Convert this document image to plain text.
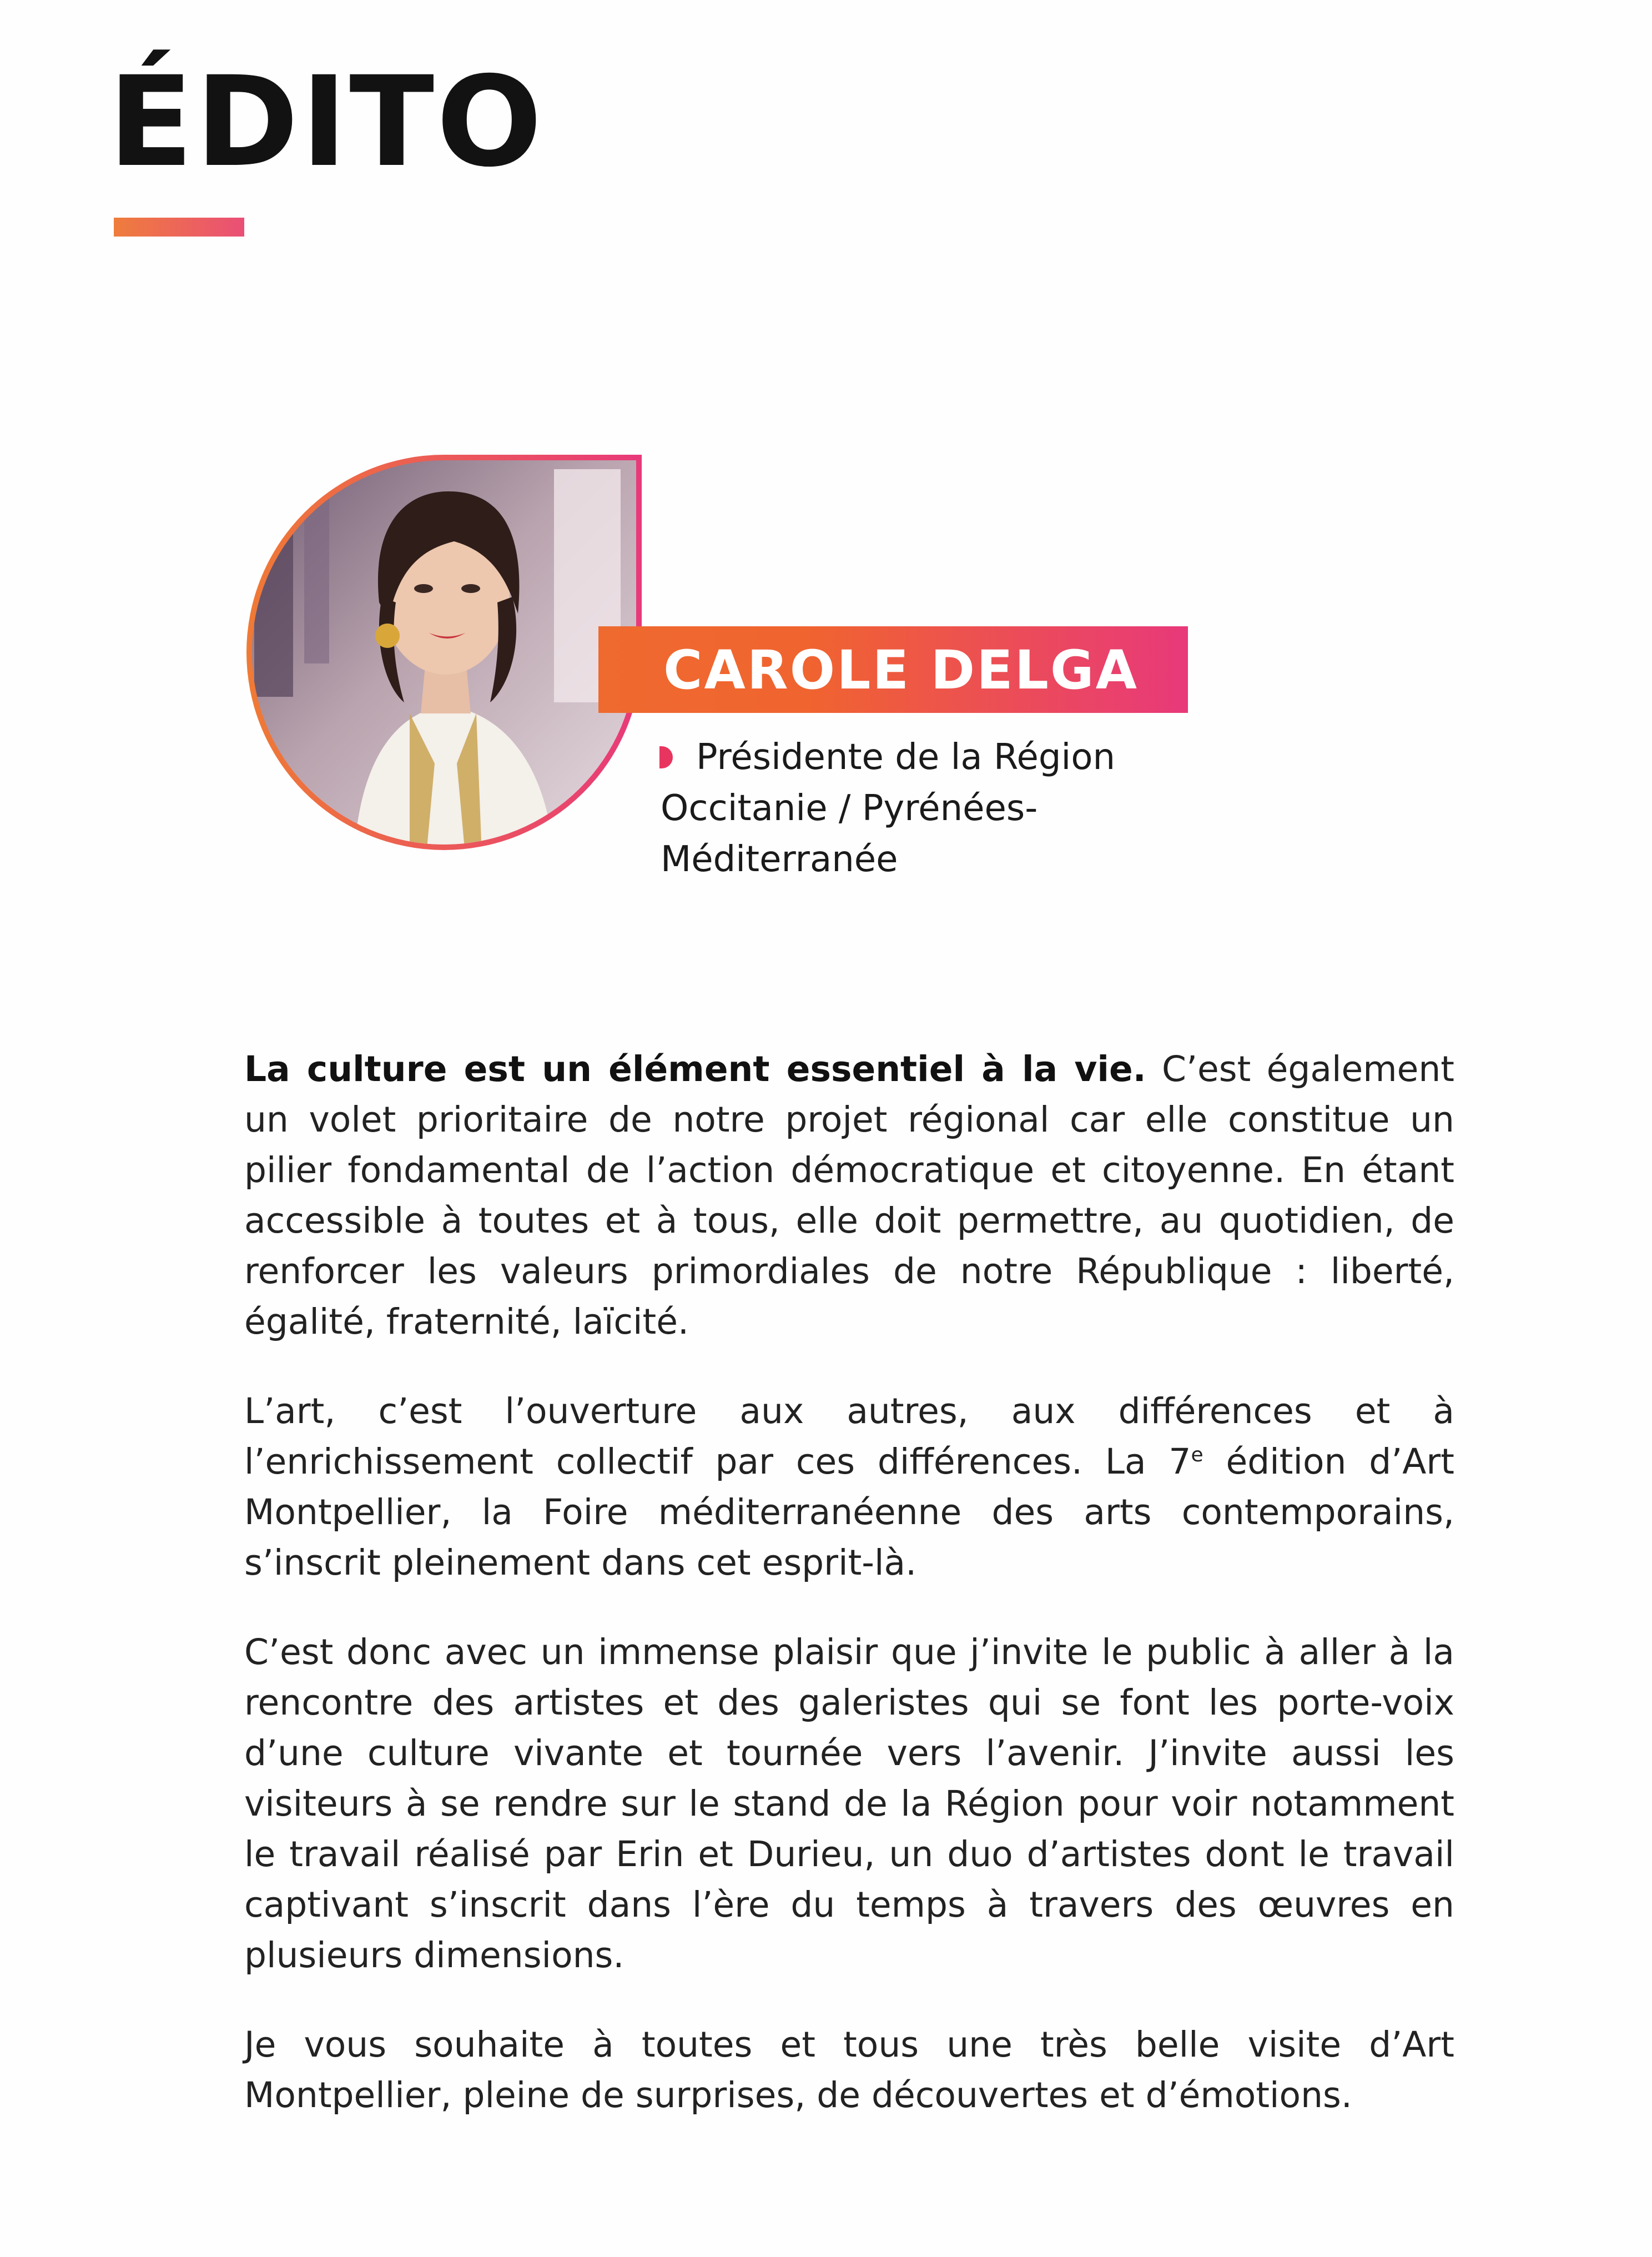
ÉDITO
CAROLE DELGA

Présidente de la Région
Occitanie / Pyrénées-
Méditerranée

La culture est un élément essentiel à la vie. C’est également un volet prioritaire de notre projet régional car elle constitue un pilier fondamental de l’action démocratique et citoyenne. En étant accessible à toutes et à tous, elle doit permettre, au quotidien, de renforcer les valeurs primordiales de notre République : liberté, égalité, fraternité, laïcité.

L’art, c’est l’ouverture aux autres, aux différences et à l’enrichissement collectif par ces différences. La 7e édition d’Art Montpellier, la Foire méditerranéenne des arts contemporains, s’inscrit pleinement dans cet esprit-là.

C’est donc avec un immense plaisir que j’invite le public à aller à la rencontre des artistes et des galeristes qui se font les porte-voix d’une culture vivante et tournée vers l’avenir. J’invite aussi les visiteurs à se rendre sur le stand de la Région pour voir notamment le travail réalisé par Erin et Durieu, un duo d’artistes dont le travail captivant s’inscrit dans l’ère du temps à travers des œuvres en plusieurs dimensions.

Je vous souhaite à toutes et tous une très belle visite d’Art Montpellier, pleine de surprises, de découvertes et d’émotions.
